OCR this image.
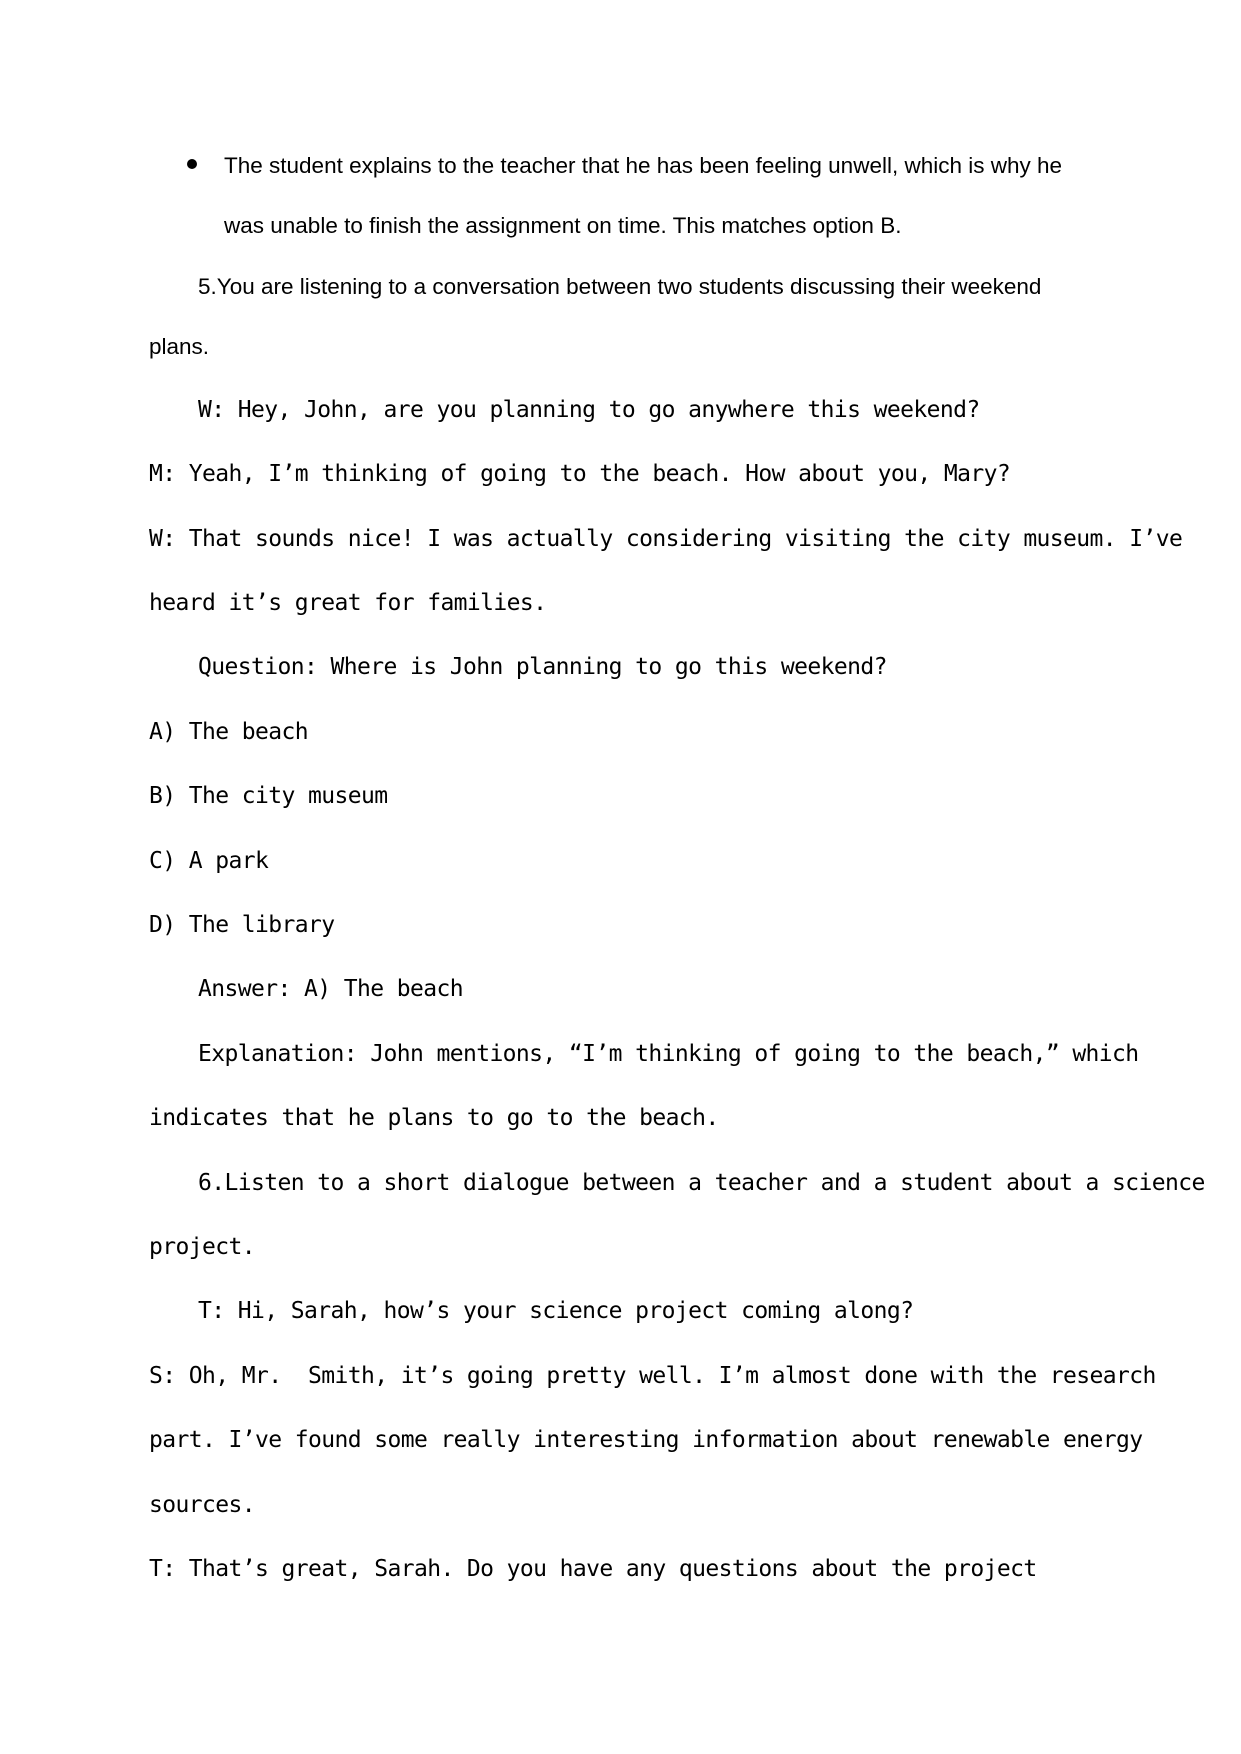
The student explains to the teacher that he has been feeling unwell, which is why he
was unable to finish the assignment on time. This matches option B.
5.You are listening to a conversation between two students discussing their weekend
plans.
W: Hey, John, are you planning to go anywhere this weekend?
M: Yeah, I’m thinking of going to the beach. How about you, Mary?
W: That sounds nice! I was actually considering visiting the city museum. I’ve
heard it’s great for families.
Question: Where is John planning to go this weekend?
A) The beach
B) The city museum
C) A park
D) The library
Answer: A) The beach
Explanation: John mentions, “I’m thinking of going to the beach,” which
indicates that he plans to go to the beach.
6.Listen to a short dialogue between a teacher and a student about a science
project.
T: Hi, Sarah, how’s your science project coming along?
S: Oh, Mr.  Smith, it’s going pretty well. I’m almost done with the research
part. I’ve found some really interesting information about renewable energy
sources.
T: That’s great, Sarah. Do you have any questions about the project
